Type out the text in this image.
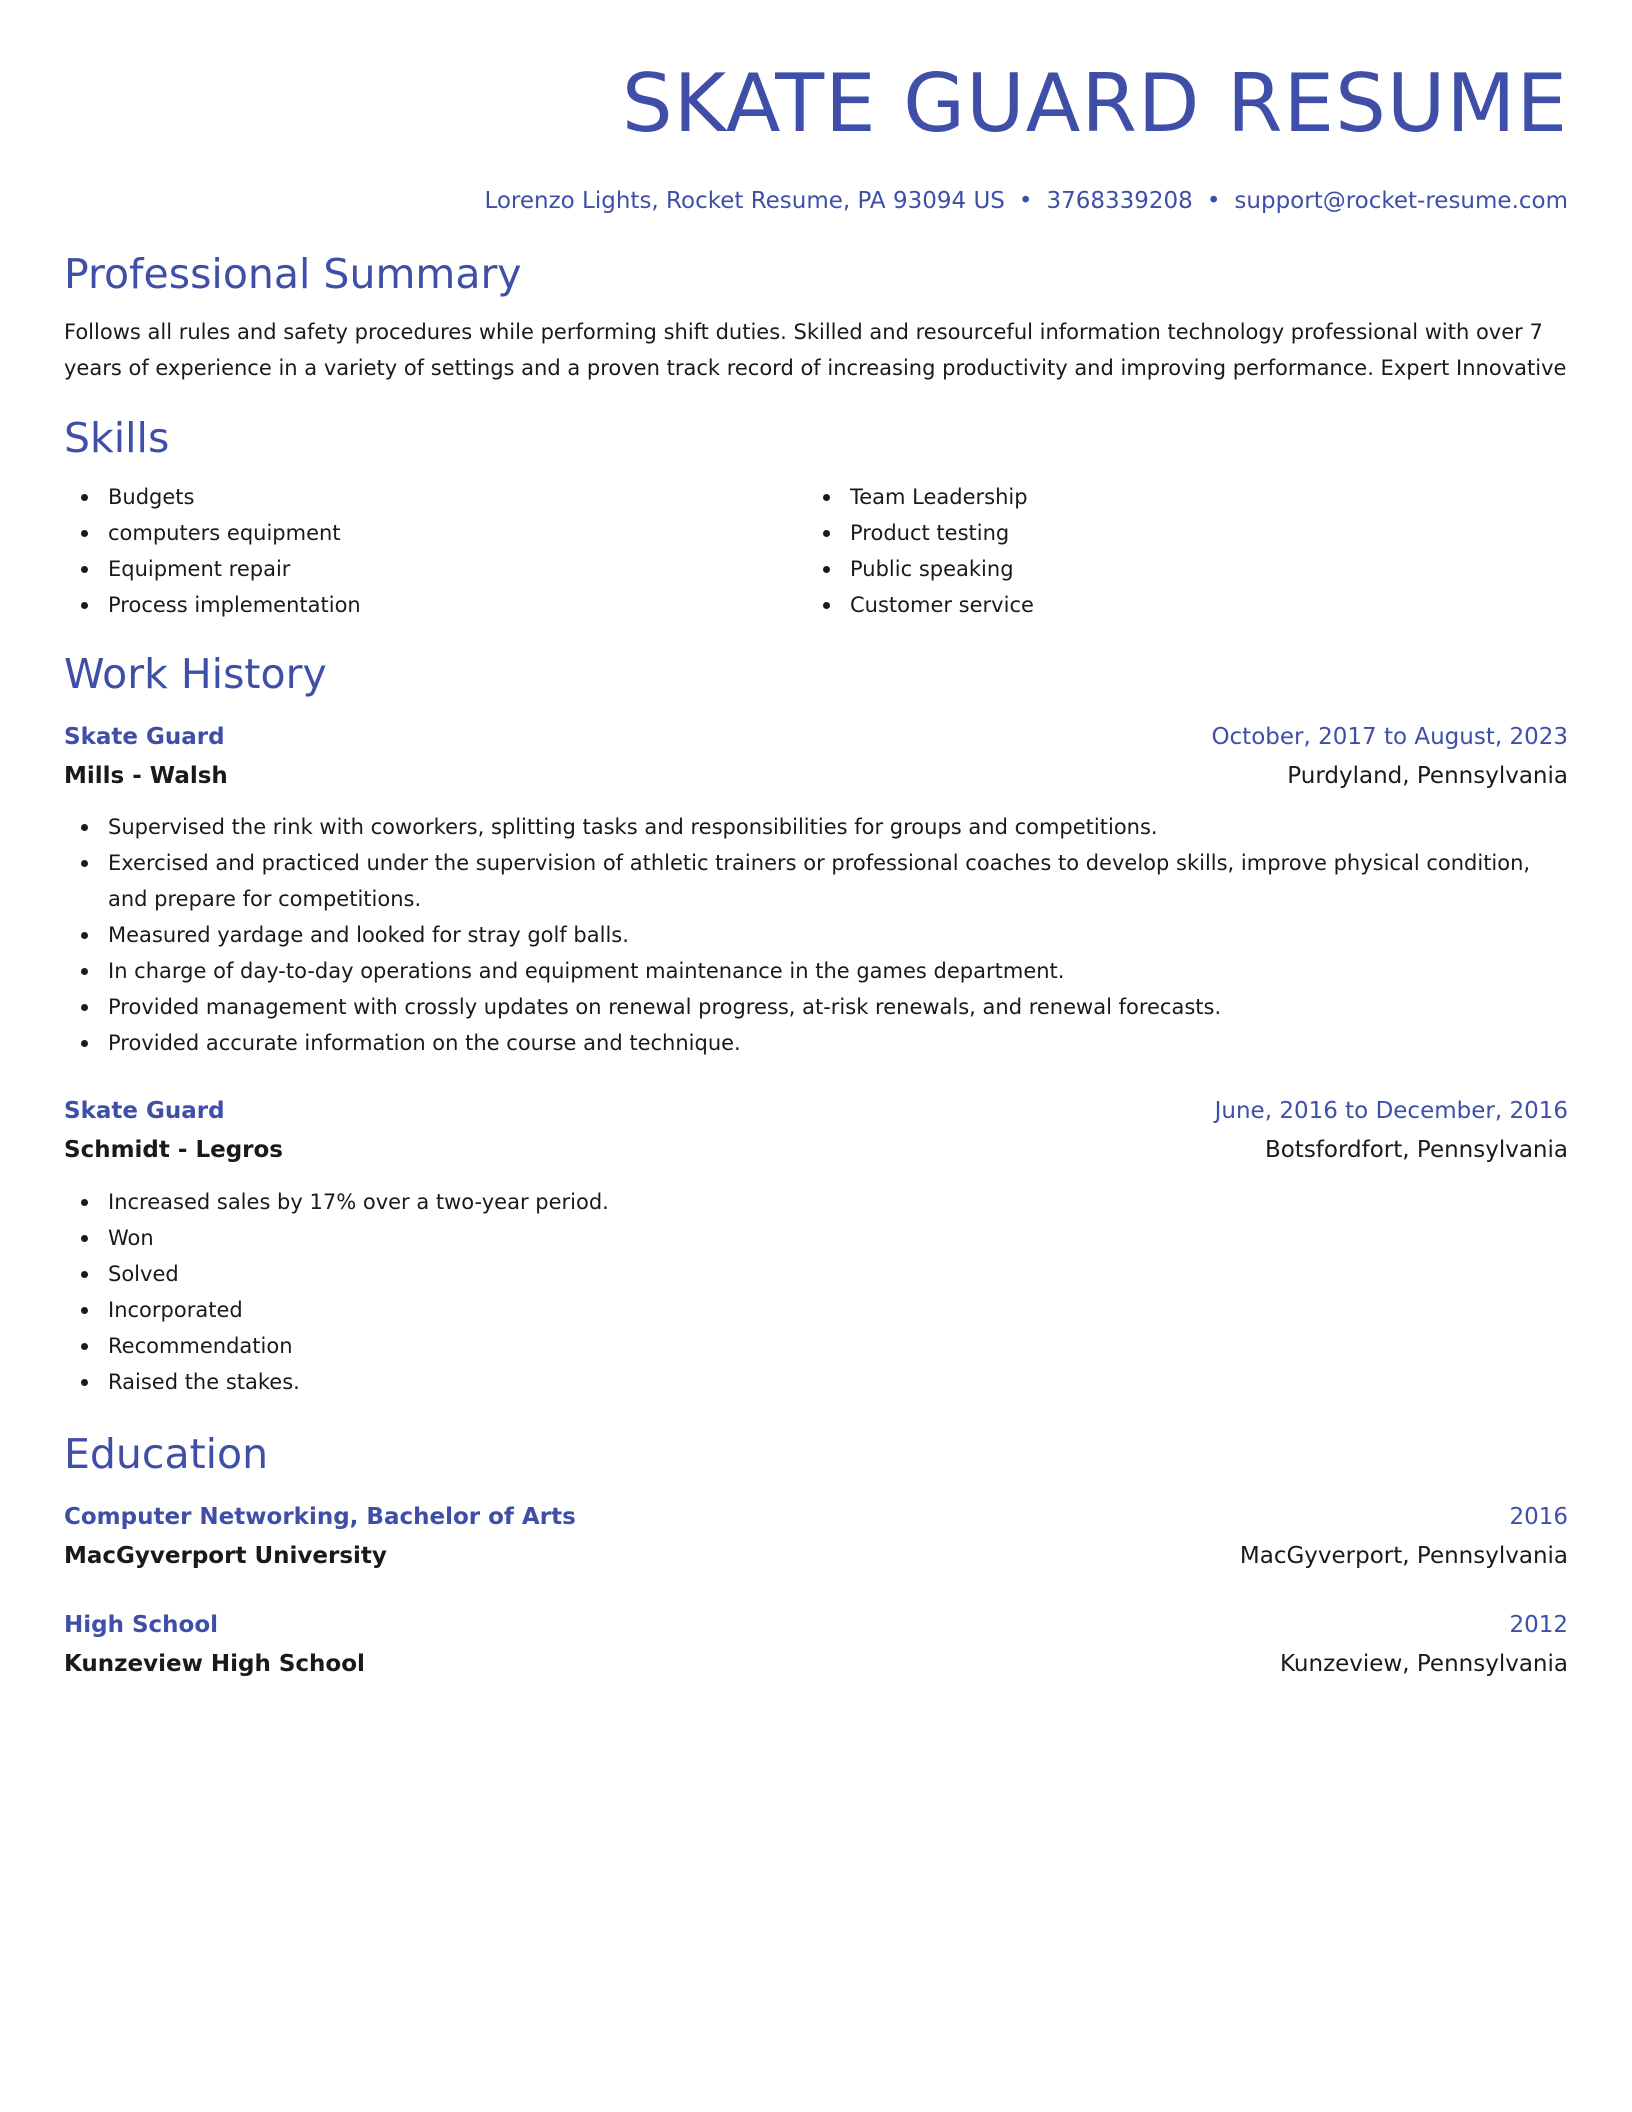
SKATE GUARD RESUME
Lorenzo Lights, Rocket Resume, PA 93094 US • 3768339208 • support@rocket-resume.com
Professional Summary

Follows all rules and safety procedures while performing shift duties. Skilled and resourceful information technology professional with over 7 years of experience in a variety of settings and a proven track record of increasing productivity and improving performance. Expert Innovative

Skills
Budgets
computers equipment
Equipment repair
Process implementation
Team Leadership
Product testing
Public speaking
Customer service
Work History
Skate Guard	October, 2017 to August, 2023
Mills - Walsh	Purdyland, Pennsylvania
Supervised the rink with coworkers, splitting tasks and responsibilities for groups and competitions.
Exercised and practiced under the supervision of athletic trainers or professional coaches to develop skills, improve physical condition, and prepare for competitions.
Measured yardage and looked for stray golf balls.
In charge of day-to-day operations and equipment maintenance in the games department.
Provided management with crossly updates on renewal progress, at-risk renewals, and renewal forecasts.
Provided accurate information on the course and technique.
Skate Guard	June, 2016 to December, 2016
Schmidt - Legros	Botsfordfort, Pennsylvania
Increased sales by 17% over a two-year period.
Won
Solved
Incorporated
Recommendation
Raised the stakes.
Education
Computer Networking, Bachelor of Arts	2016
MacGyverport University	MacGyverport, Pennsylvania
High School	2012
Kunzeview High School	Kunzeview, Pennsylvania
